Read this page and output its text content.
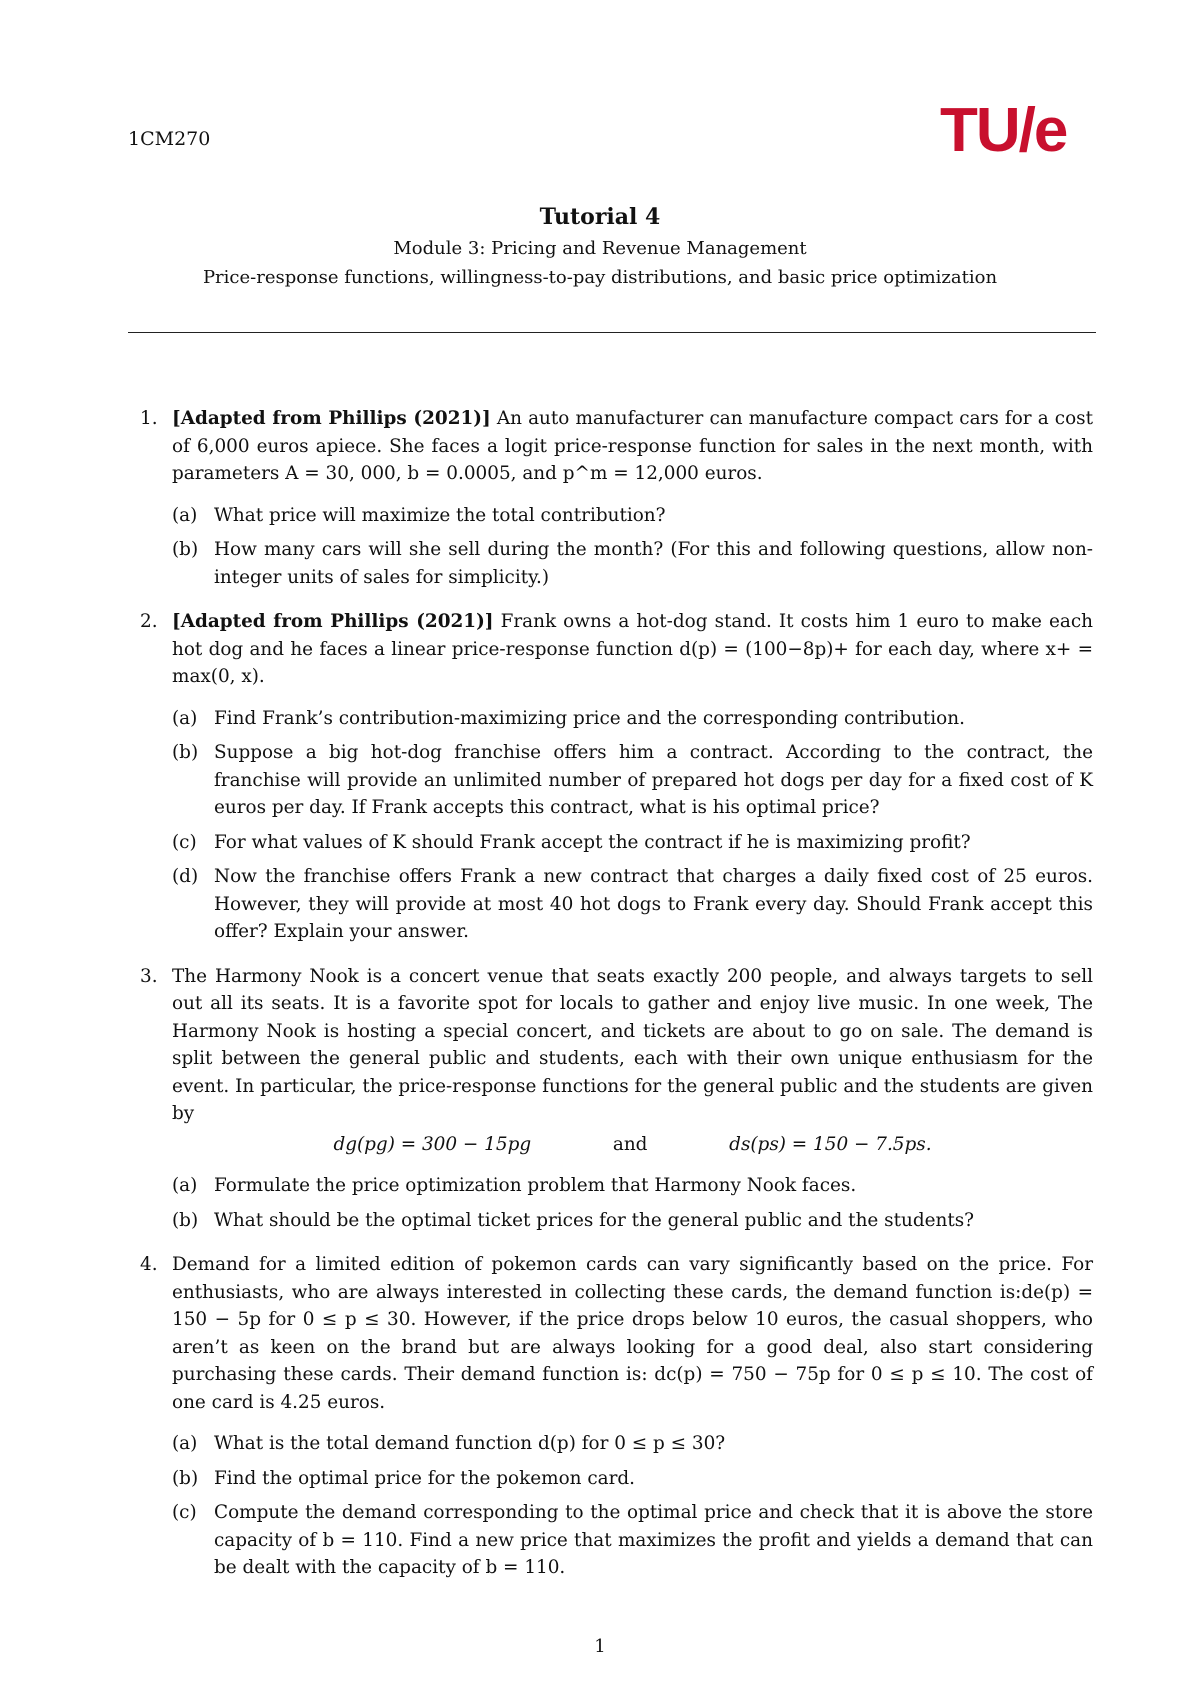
1CM270	TU/e
Tutorial 4
Module 3: Pricing and Revenue Management
Price-response functions, willingness-to-pay distributions, and basic price optimization
1. [Adapted from Phillips (2021)] An auto manufacturer can manufacture compact cars for a cost of 6,000 euros apiece. She faces a logit price-response function for sales in the next month, with parameters A = 30, 000, b = 0.0005, and p^m = 12,000 euros.
(a) What price will maximize the total contribution?
(b) How many cars will she sell during the month? (For this and following questions, allow non-integer units of sales for simplicity.)
2. [Adapted from Phillips (2021)] Frank owns a hot-dog stand. It costs him 1 euro to make each hot dog and he faces a linear price-response function d(p) = (100−8p)+ for each day, where x+ = max(0, x).
(a) Find Frank’s contribution-maximizing price and the corresponding contribution.
(b) Suppose a big hot-dog franchise offers him a contract. According to the contract, the franchise will provide an unlimited number of prepared hot dogs per day for a fixed cost of K euros per day. If Frank accepts this contract, what is his optimal price?
(c) For what values of K should Frank accept the contract if he is maximizing profit?
(d) Now the franchise offers Frank a new contract that charges a daily fixed cost of 25 euros. However, they will provide at most 40 hot dogs to Frank every day. Should Frank accept this offer? Explain your answer.
3. The Harmony Nook is a concert venue that seats exactly 200 people, and always targets to sell out all its seats. It is a favorite spot for locals to gather and enjoy live music. In one week, The Harmony Nook is hosting a special concert, and tickets are about to go on sale. The demand is split between the general public and students, each with their own unique enthusiasm for the event. In particular, the price-response functions for the general public and the students are given by
dg(pg) = 300 − 15pg	and	ds(ps) = 150 − 7.5ps.
(a) Formulate the price optimization problem that Harmony Nook faces.
(b) What should be the optimal ticket prices for the general public and the students?
4. Demand for a limited edition of pokemon cards can vary significantly based on the price. For enthusiasts, who are always interested in collecting these cards, the demand function is:de(p) = 150 − 5p for 0 ≤ p ≤ 30. However, if the price drops below 10 euros, the casual shoppers, who aren’t as keen on the brand but are always looking for a good deal, also start considering purchasing these cards. Their demand function is: dc(p) = 750 − 75p for 0 ≤ p ≤ 10. The cost of one card is 4.25 euros.
(a) What is the total demand function d(p) for 0 ≤ p ≤ 30?
(b) Find the optimal price for the pokemon card.
(c) Compute the demand corresponding to the optimal price and check that it is above the store capacity of b = 110. Find a new price that maximizes the profit and yields a demand that can be dealt with the capacity of b = 110.
1
